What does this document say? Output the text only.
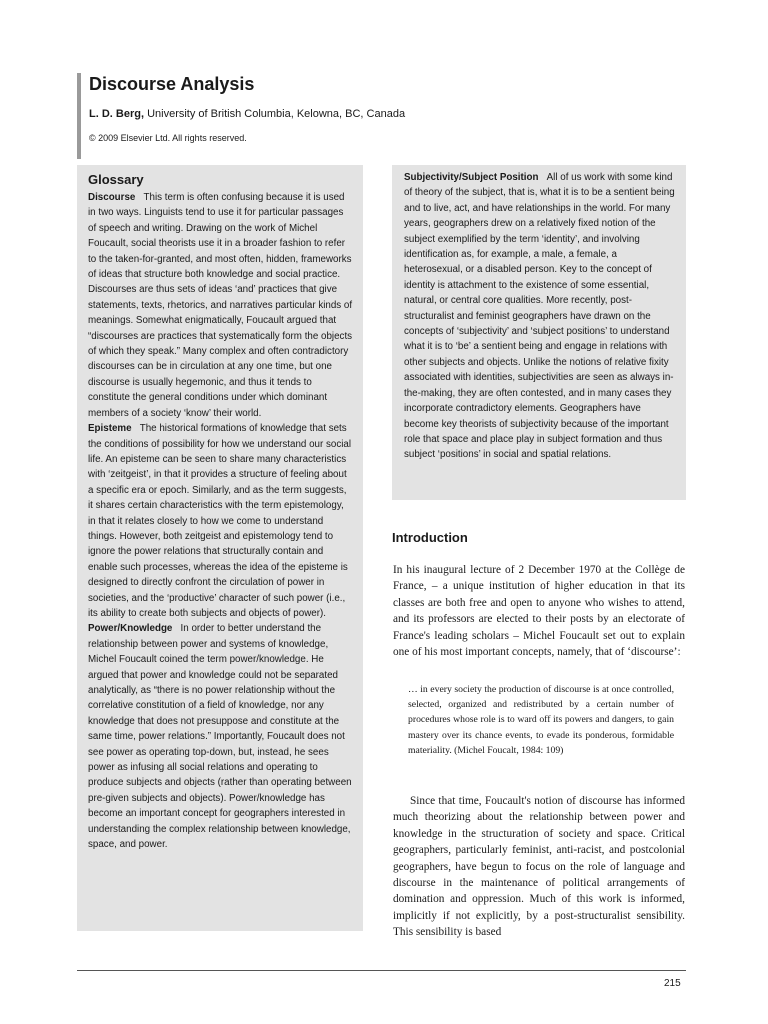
Discourse Analysis
L. D. Berg, University of British Columbia, Kelowna, BC, Canada
© 2009 Elsevier Ltd. All rights reserved.
Glossary

Discourse This term is often confusing because it is used in two ways. Linguists tend to use it for particular passages of speech and writing. Drawing on the work of Michel Foucault, social theorists use it in a broader fashion to refer to the taken-for-granted, and most often, hidden, frameworks of ideas that structure both knowledge and social practice. Discourses are thus sets of ideas ‘and’ practices that give statements, texts, rhetorics, and narratives particular kinds of meanings. Somewhat enigmatically, Foucault argued that “discourses are practices that systematically form the objects of which they speak.” Many complex and often contradictory discourses can be in circulation at any one time, but one discourse is usually hegemonic, and thus it tends to constitute the general conditions under which dominant members of a society ‘know’ their world.

Episteme The historical formations of knowledge that sets the conditions of possibility for how we understand our social life. An episteme can be seen to share many characteristics with ‘zeitgeist’, in that it provides a structure of feeling about a specific era or epoch. Similarly, and as the term suggests, it shares certain characteristics with the term epistemology, in that it relates closely to how we come to understand things. However, both zeitgeist and epistemology tend to ignore the power relations that structurally contain and enable such processes, whereas the idea of the episteme is designed to directly confront the circulation of power in societies, and the ‘productive’ character of such power (i.e., its ability to create both subjects and objects of power).

Power/Knowledge In order to better understand the relationship between power and systems of knowledge, Michel Foucault coined the term power/knowledge. He argued that power and knowledge could not be separated analytically, as “there is no power relationship without the correlative constitution of a field of knowledge, nor any knowledge that does not presuppose and constitute at the same time, power relations.” Importantly, Foucault does not see power as operating top-down, but, instead, he sees power as infusing all social relations and operating to produce subjects and objects (rather than operating between pre-given subjects and objects). Power/knowledge has become an important concept for geographers interested in understanding the complex relationship between knowledge, space, and power.

Subjectivity/Subject Position All of us work with some kind of theory of the subject, that is, what it is to be a sentient being and to live, act, and have relationships in the world. For many years, geographers drew on a relatively fixed notion of the subject exemplified by the term ‘identity’, and involving identification as, for example, a male, a female, a heterosexual, or a disabled person. Key to the concept of identity is attachment to the existence of some essential, natural, or central core qualities. More recently, post-structuralist and feminist geographers have drawn on the concepts of ‘subjectivity’ and ‘subject positions’ to understand what it is to ‘be’ a sentient being and engage in relations with other subjects and objects. Unlike the notions of relative fixity associated with identities, subjectivities are seen as always in-the-making, they are often contested, and in many cases they incorporate contradictory elements. Geographers have become key theorists of subjectivity because of the important role that space and place play in subject formation and thus subject ‘positions’ in social and spatial relations.

Introduction

In his inaugural lecture of 2 December 1970 at the Collège de France, – a unique institution of higher education in that its classes are both free and open to anyone who wishes to attend, and its professors are elected to their posts by an electorate of France's leading scholars – Michel Foucault set out to explain one of his most important concepts, namely, that of ‘discourse’:

… in every society the production of discourse is at once controlled, selected, organized and redistributed by a certain number of procedures whose role is to ward off its powers and dangers, to gain mastery over its chance events, to evade its ponderous, formidable materiality. (Michel Foucalt, 1984: 109)

Since that time, Foucault's notion of discourse has informed much theorizing about the relationship between power and knowledge in the structuration of society and space. Critical geographers, particularly feminist, anti-racist, and postcolonial geographers, have begun to focus on the role of language and discourse in the maintenance of political arrangements of domination and oppression. Much of this work is informed, implicitly if not explicitly, by a post-structuralist sensibility. This sensibility is based

215
